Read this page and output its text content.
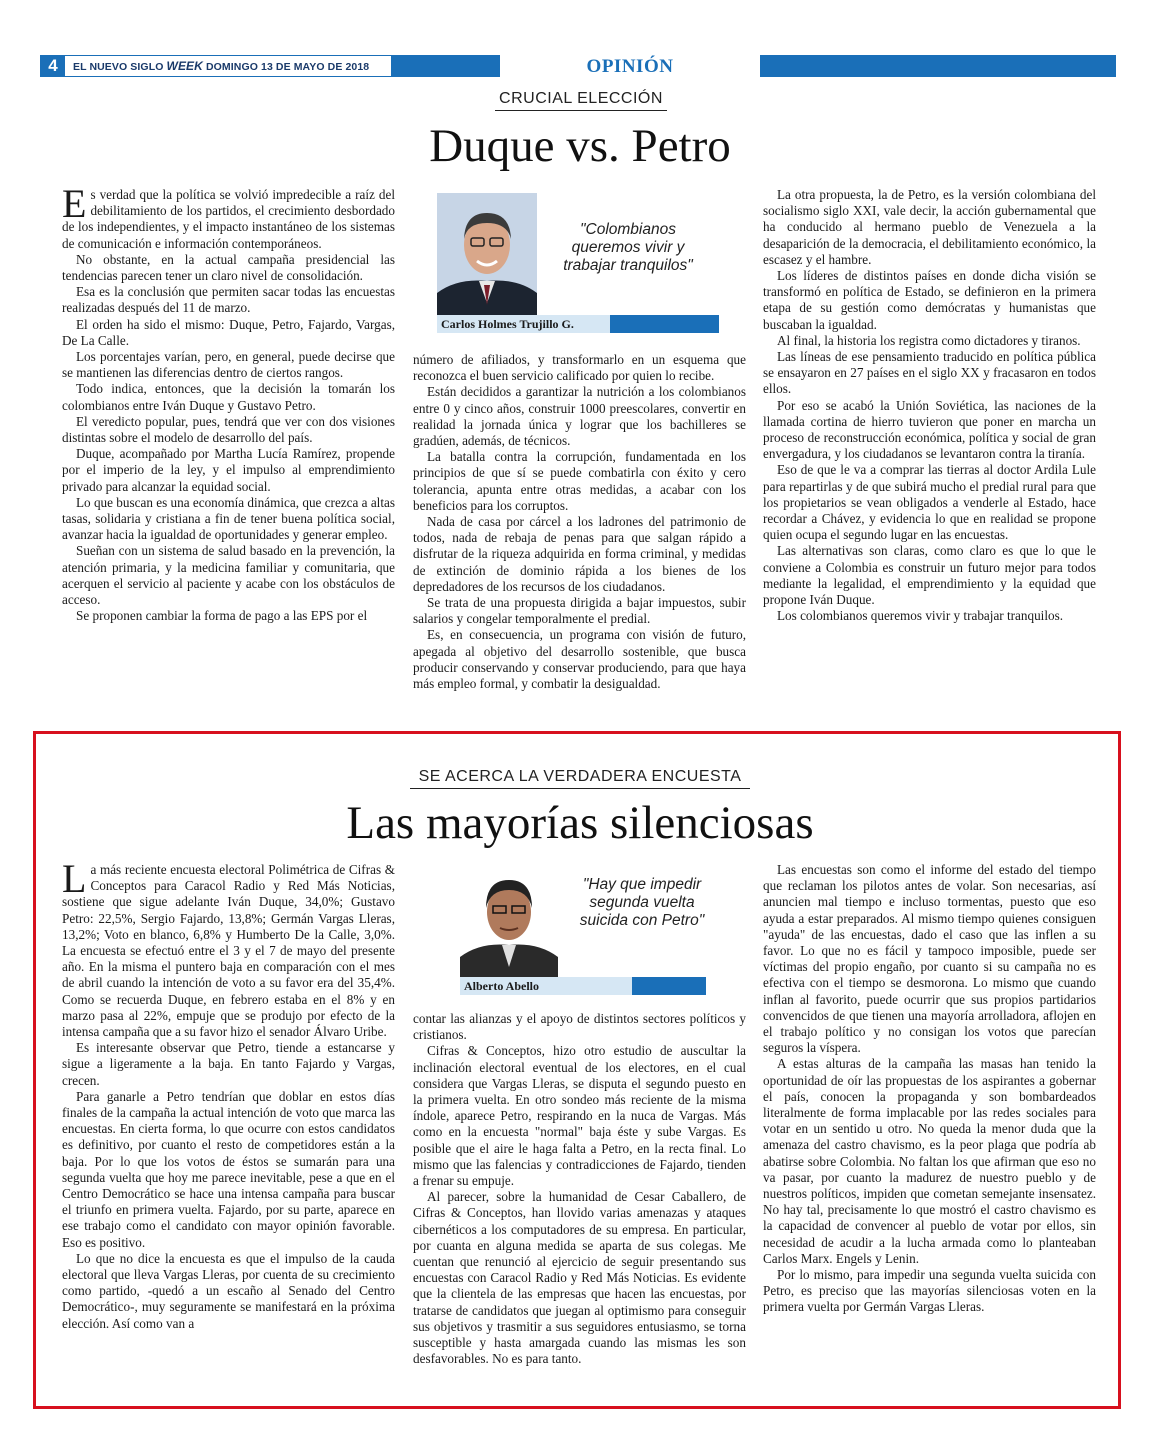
4	EL NUEVO SIGLO WEEK DOMINGO 13 DE MAYO DE 2018	OPINIÓN
CRUCIAL ELECCIÓN
Duque vs. Petro

Es verdad que la política se volvió impredecible a raíz del debilitamiento de los partidos, el crecimiento desbordado de los independientes, y el impacto instantáneo de los sistemas de comunicación e información contemporáneos.

No obstante, en la actual campaña presidencial las tendencias parecen tener un claro nivel de consolidación.

Esa es la conclusión que permiten sacar todas las encuestas realizadas después del 11 de marzo.

El orden ha sido el mismo: Duque, Petro, Fajardo, Vargas, De La Calle.

Los porcentajes varían, pero, en general, puede decirse que se mantienen las diferencias dentro de ciertos rangos.

Todo indica, entonces, que la decisión la tomarán los colombianos entre Iván Duque y Gustavo Petro.

El veredicto popular, pues, tendrá que ver con dos visiones distintas sobre el modelo de desarrollo del país.

Duque, acompañado por Martha Lucía Ramírez, propende por el imperio de la ley, y el impulso al emprendimiento privado para alcanzar la equidad social.

Lo que buscan es una economía dinámica, que crezca a altas tasas, solidaria y cristiana a fin de tener buena política social, avanzar hacia la igualdad de oportunidades y generar empleo.

Sueñan con un sistema de salud basado en la prevención, la atención primaria, y la medicina familiar y comunitaria, que acerquen el servicio al paciente y acabe con los obstáculos de acceso.

Se proponen cambiar la forma de pago a las EPS por el

"Colombianos queremos vivir y trabajar tranquilos"
Carlos Holmes Trujillo G.

número de afiliados, y transformarlo en un esquema que reconozca el buen servicio calificado por quien lo recibe.

Están decididos a garantizar la nutrición a los colombianos entre 0 y cinco años, construir 1000 preescolares, convertir en realidad la jornada única y lograr que los bachilleres se gradúen, además, de técnicos.

La batalla contra la corrupción, fundamentada en los principios de que sí se puede combatirla con éxito y cero tolerancia, apunta entre otras medidas, a acabar con los beneficios para los corruptos.

Nada de casa por cárcel a los ladrones del patrimonio de todos, nada de rebaja de penas para que salgan rápido a disfrutar de la riqueza adquirida en forma criminal, y medidas de extinción de dominio rápida a los bienes de los depredadores de los recursos de los ciudadanos.

Se trata de una propuesta dirigida a bajar impuestos, subir salarios y congelar temporalmente el predial.

Es, en consecuencia, un programa con visión de futuro, apegada al objetivo del desarrollo sostenible, que busca producir conservando y conservar produciendo, para que haya más empleo formal, y combatir la desigualdad.

La otra propuesta, la de Petro, es la versión colombiana del socialismo siglo XXI, vale decir, la acción gubernamental que ha conducido al hermano pueblo de Venezuela a la desaparición de la democracia, el debilitamiento económico, la escasez y el hambre.

Los líderes de distintos países en donde dicha visión se transformó en política de Estado, se definieron en la primera etapa de su gestión como demócratas y humanistas que buscaban la igualdad.

Al final, la historia los registra como dictadores y tiranos.

Las líneas de ese pensamiento traducido en política pública se ensayaron en 27 países en el siglo XX y fracasaron en todos ellos.

Por eso se acabó la Unión Soviética, las naciones de la llamada cortina de hierro tuvieron que poner en marcha un proceso de reconstrucción económica, política y social de gran envergadura, y los ciudadanos se levantaron contra la tiranía.

Eso de que le va a comprar las tierras al doctor Ardila Lule para repartirlas y de que subirá mucho el predial rural para que los propietarios se vean obligados a venderle al Estado, hace recordar a Chávez, y evidencia lo que en realidad se propone quien ocupa el segundo lugar en las encuestas.

Las alternativas son claras, como claro es que lo que le conviene a Colombia es construir un futuro mejor para todos mediante la legalidad, el emprendimiento y la equidad que propone Iván Duque.

Los colombianos queremos vivir y trabajar tranquilos.

SE ACERCA LA VERDADERA ENCUESTA
Las mayorías silenciosas

La más reciente encuesta electoral Polimétrica de Cifras & Conceptos para Caracol Radio y Red Más Noticias, sostiene que sigue adelante Iván Duque, 34,0%; Gustavo Petro: 22,5%, Sergio Fajardo, 13,8%; Germán Vargas Lleras, 13,2%; Voto en blanco, 6,8% y Humberto De la Calle, 3,0%. La encuesta se efectuó entre el 3 y el 7 de mayo del presente año. En la misma el puntero baja en comparación con el mes de abril cuando la intención de voto a su favor era del 35,4%. Como se recuerda Duque, en febrero estaba en el 8% y en marzo pasa al 22%, empuje que se produjo por efecto de la intensa campaña que a su favor hizo el senador Álvaro Uribe.

Es interesante observar que Petro, tiende a estancarse y sigue a ligeramente a la baja. En tanto Fajardo y Vargas, crecen.

Para ganarle a Petro tendrían que doblar en estos días finales de la campaña la actual intención de voto que marca las encuestas. En cierta forma, lo que ocurre con estos candidatos es definitivo, por cuanto el resto de competidores están a la baja. Por lo que los votos de éstos se sumarán para una segunda vuelta que hoy me parece inevitable, pese a que en el Centro Democrático se hace una intensa campaña para buscar el triunfo en primera vuelta. Fajardo, por su parte, aparece en ese trabajo como el candidato con mayor opinión favorable. Eso es positivo.

Lo que no dice la encuesta es que el impulso de la cauda electoral que lleva Vargas Lleras, por cuenta de su crecimiento como partido, -quedó a un escaño al Senado del Centro Democrático-, muy seguramente se manifestará en la próxima elección. Así como van a

"Hay que impedir segunda vuelta suicida con Petro"
Alberto Abello

contar las alianzas y el apoyo de distintos sectores políticos y cristianos.

Cifras & Conceptos, hizo otro estudio de auscultar la inclinación electoral eventual de los electores, en el cual considera que Vargas Lleras, se disputa el segundo puesto en la primera vuelta. En otro sondeo más reciente de la misma índole, aparece Petro, respirando en la nuca de Vargas. Más como en la encuesta "normal" baja éste y sube Vargas. Es posible que el aire le haga falta a Petro, en la recta final. Lo mismo que las falencias y contradicciones de Fajardo, tienden a frenar su empuje.

Al parecer, sobre la humanidad de Cesar Caballero, de Cifras & Conceptos, han llovido varias amenazas y ataques cibernéticos a los computadores de su empresa. En particular, por cuanta en alguna medida se aparta de sus colegas. Me cuentan que renunció al ejercicio de seguir presentando sus encuestas con Caracol Radio y Red Más Noticias. Es evidente que la clientela de las empresas que hacen las encuestas, por tratarse de candidatos que juegan al optimismo para conseguir sus objetivos y trasmitir a sus seguidores entusiasmo, se torna susceptible y hasta amargada cuando las mismas les son desfavorables. No es para tanto.

Las encuestas son como el informe del estado del tiempo que reclaman los pilotos antes de volar. Son necesarias, así anuncien mal tiempo e incluso tormentas, puesto que eso ayuda a estar preparados. Al mismo tiempo quienes consiguen "ayuda" de las encuestas, dado el caso que las inflen a su favor. Lo que no es fácil y tampoco imposible, puede ser víctimas del propio engaño, por cuanto si su campaña no es efectiva con el tiempo se desmorona. Lo mismo que cuando inflan al favorito, puede ocurrir que sus propios partidarios convencidos de que tienen una mayoría arrolladora, aflojen en el trabajo político y no consigan los votos que parecían seguros la víspera.

A estas alturas de la campaña las masas han tenido la oportunidad de oír las propuestas de los aspirantes a gobernar el país, conocen la propaganda y son bombardeados literalmente de forma implacable por las redes sociales para votar en un sentido u otro. No queda la menor duda que la amenaza del castro chavismo, es la peor plaga que podría ab abatirse sobre Colombia. No faltan los que afirman que eso no va pasar, por cuanto la madurez de nuestro pueblo y de nuestros políticos, impiden que cometan semejante insensatez. No hay tal, precisamente lo que mostró el castro chavismo es la capacidad de convencer al pueblo de votar por ellos, sin necesidad de acudir a la lucha armada como lo planteaban Carlos Marx. Engels y Lenin.

Por lo mismo, para impedir una segunda vuelta suicida con Petro, es preciso que las mayorías silenciosas voten en la primera vuelta por Germán Vargas Lleras.
